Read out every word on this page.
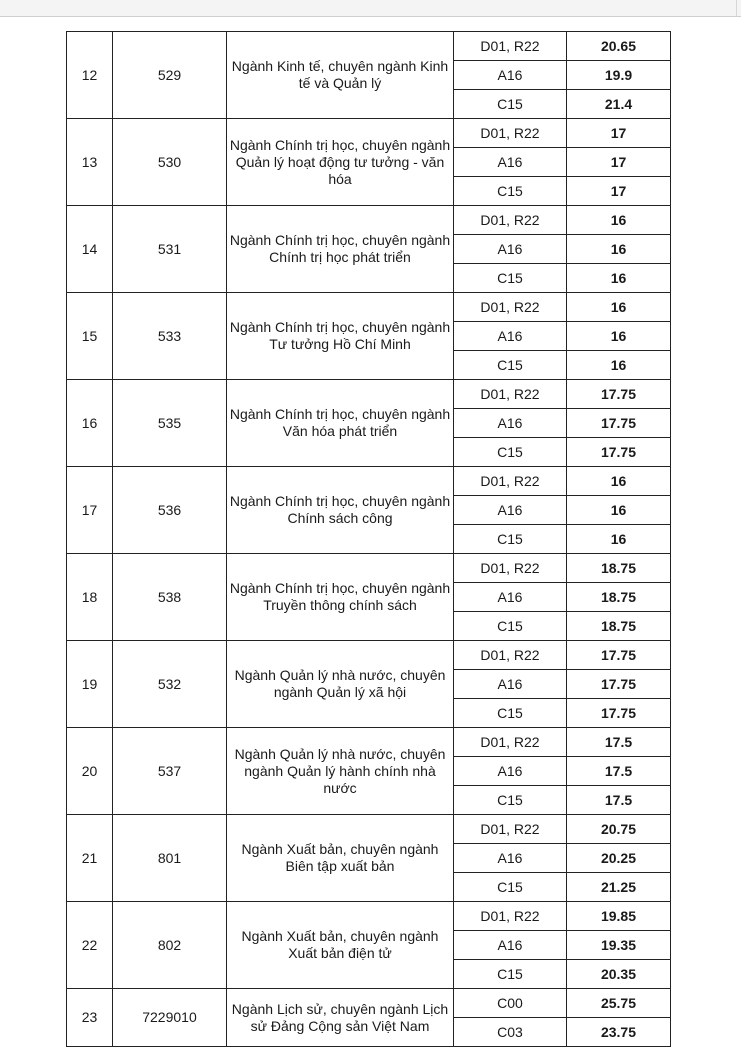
12	529	Ngành Kinh tế, chuyên ngành Kinh tế và Quản lý	D01, R22	20.65
			A16	19.9
			C15	21.4
13	530	Ngành Chính trị học, chuyên ngành Quản lý hoạt động tư tưởng - văn hóa	D01, R22	17
			A16	17
			C15	17
14	531	Ngành Chính trị học, chuyên ngành Chính trị học phát triển	D01, R22	16
			A16	16
			C15	16
15	533	Ngành Chính trị học, chuyên ngành Tư tưởng Hồ Chí Minh	D01, R22	16
			A16	16
			C15	16
16	535	Ngành Chính trị học, chuyên ngành Văn hóa phát triển	D01, R22	17.75
			A16	17.75
			C15	17.75
17	536	Ngành Chính trị học, chuyên ngành Chính sách công	D01, R22	16
			A16	16
			C15	16
18	538	Ngành Chính trị học, chuyên ngành Truyền thông chính sách	D01, R22	18.75
			A16	18.75
			C15	18.75
19	532	Ngành Quản lý nhà nước, chuyên ngành Quản lý xã hội	D01, R22	17.75
			A16	17.75
			C15	17.75
20	537	Ngành Quản lý nhà nước, chuyên ngành Quản lý hành chính nhà nước	D01, R22	17.5
			A16	17.5
			C15	17.5
21	801	Ngành Xuất bản, chuyên ngành Biên tập xuất bản	D01, R22	20.75
			A16	20.25
			C15	21.25
22	802	Ngành Xuất bản, chuyên ngành Xuất bản điện tử	D01, R22	19.85
			A16	19.35
			C15	20.35
23	7229010	Ngành Lịch sử, chuyên ngành Lịch sử Đảng Cộng sản Việt Nam	C00	25.75
			C03	23.75
